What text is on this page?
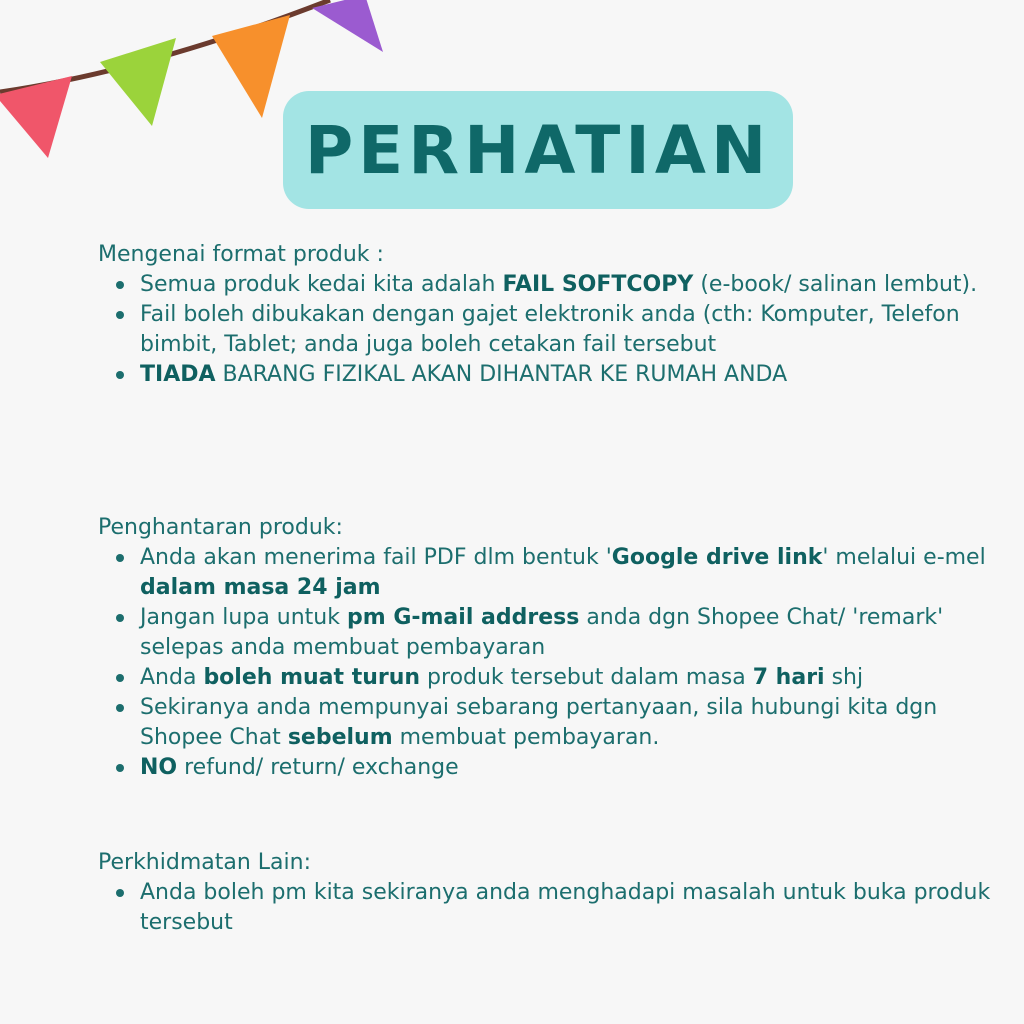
PERHATIAN

Mengenai format produk :

Semua produk kedai kita adalah FAIL SOFTCOPY (e-book/ salinan lembut).
Fail boleh dibukakan dengan gajet elektronik anda (cth: Komputer, Telefon bimbit, Tablet; anda juga boleh cetakan fail tersebut
TIADA BARANG FIZIKAL AKAN DIHANTAR KE RUMAH ANDA

Penghantaran produk:

Anda akan menerima fail PDF dlm bentuk 'Google drive link' melalui e-mel dalam masa 24 jam
Jangan lupa untuk pm G-mail address anda dgn Shopee Chat/ 'remark' selepas anda membuat pembayaran
Anda boleh muat turun produk tersebut dalam masa 7 hari shj
Sekiranya anda mempunyai sebarang pertanyaan, sila hubungi kita dgn Shopee Chat sebelum membuat pembayaran.
NO refund/ return/ exchange

Perkhidmatan Lain:

Anda boleh pm kita sekiranya anda menghadapi masalah untuk buka produk tersebut
